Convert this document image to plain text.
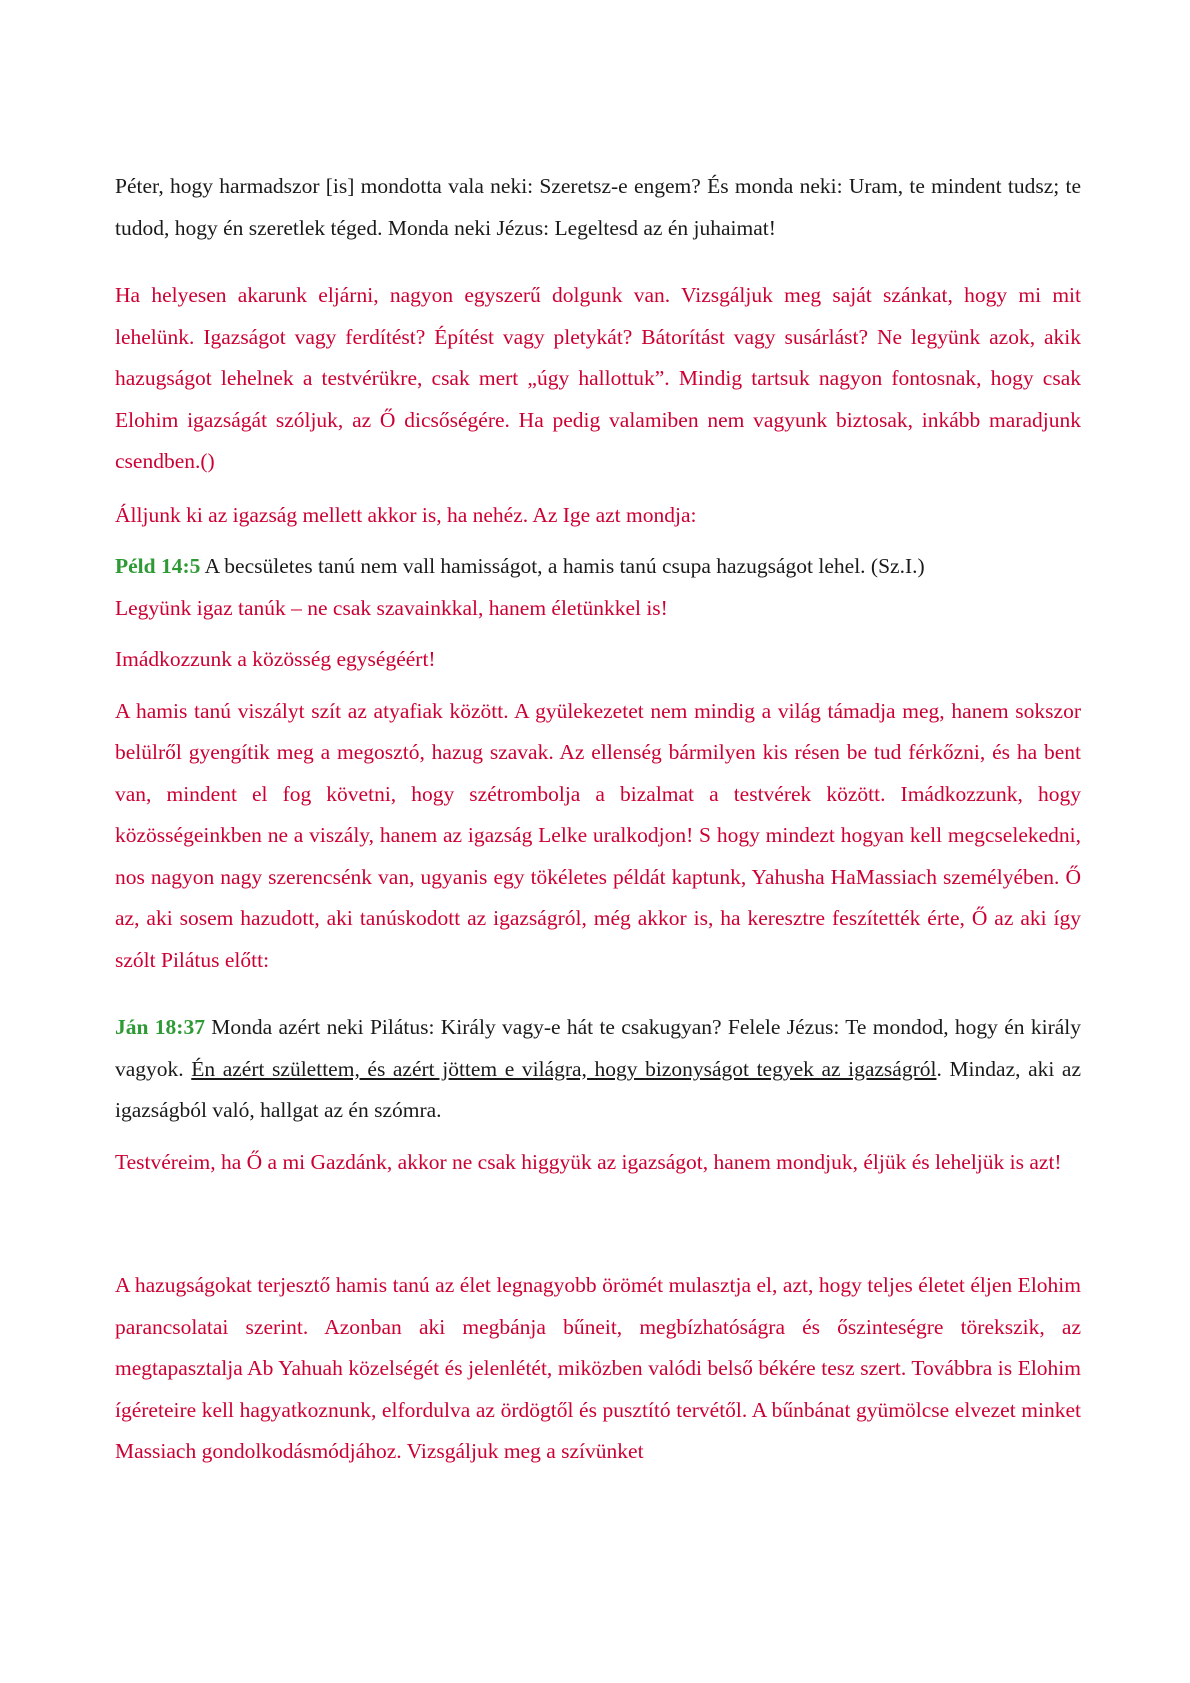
Péter, hogy harmadszor [is] mondotta vala neki: Szeretsz-e engem? És monda neki: Uram, te mindent tudsz; te tudod, hogy én szeretlek téged. Monda neki Jézus: Legeltesd az én juhaimat!

Ha helyesen akarunk eljárni, nagyon egyszerű dolgunk van. Vizsgáljuk meg saját szánkat, hogy mi mit lehelünk. Igazságot vagy ferdítést? Építést vagy pletykát? Bátorítást vagy susárlást? Ne legyünk azok, akik hazugságot lehelnek a testvérükre, csak mert „úgy hallottuk”. Mindig tartsuk nagyon fontosnak, hogy csak Elohim igazságát szóljuk, az Ő dicsőségére. Ha pedig valamiben nem vagyunk biztosak, inkább maradjunk csendben.()

Álljunk ki az igazság mellett akkor is, ha nehéz. Az Ige azt mondja:

Péld 14:5 A becsületes tanú nem vall hamisságot, a hamis tanú csupa hazugságot lehel. (Sz.I.)

Legyünk igaz tanúk – ne csak szavainkkal, hanem életünkkel is!

Imádkozzunk a közösség egységéért!

A hamis tanú viszályt szít az atyafiak között. A gyülekezetet nem mindig a világ támadja meg, hanem sokszor belülről gyengítik meg a megosztó, hazug szavak. Az ellenség bármilyen kis résen be tud férkőzni, és ha bent van, mindent el fog követni, hogy szétrombolja a bizalmat a testvérek között. Imádkozzunk, hogy közösségeinkben ne a viszály, hanem az igazság Lelke uralkodjon! S hogy mindezt hogyan kell megcselekedni, nos nagyon nagy szerencsénk van, ugyanis egy tökéletes példát kaptunk, Yahusha HaMassiach személyében. Ő az, aki sosem hazudott, aki tanúskodott az igazságról, még akkor is, ha keresztre feszítették érte, Ő az aki így szólt Pilátus előtt:

Ján 18:37 Monda azért neki Pilátus: Király vagy-e hát te csakugyan? Felele Jézus: Te mondod, hogy én király vagyok. Én azért születtem, és azért jöttem e világra, hogy bizonyságot tegyek az igazságról. Mindaz, aki az igazságból való, hallgat az én szómra.

Testvéreim, ha Ő a mi Gazdánk, akkor ne csak higgyük az igazságot, hanem mondjuk, éljük és leheljük is azt!

A hazugságokat terjesztő hamis tanú az élet legnagyobb örömét mulasztja el, azt, hogy teljes életet éljen Elohim parancsolatai szerint. Azonban aki megbánja bűneit, megbízhatóságra és őszinteségre törekszik, az megtapasztalja Ab Yahuah közelségét és jelenlétét, miközben valódi belső békére tesz szert. Továbbra is Elohim ígéreteire kell hagyatkoznunk, elfordulva az ördögtől és pusztító tervétől. A bűnbánat gyümölcse elvezet minket Massiach gondolkodásmódjához. Vizsgáljuk meg a szívünket
